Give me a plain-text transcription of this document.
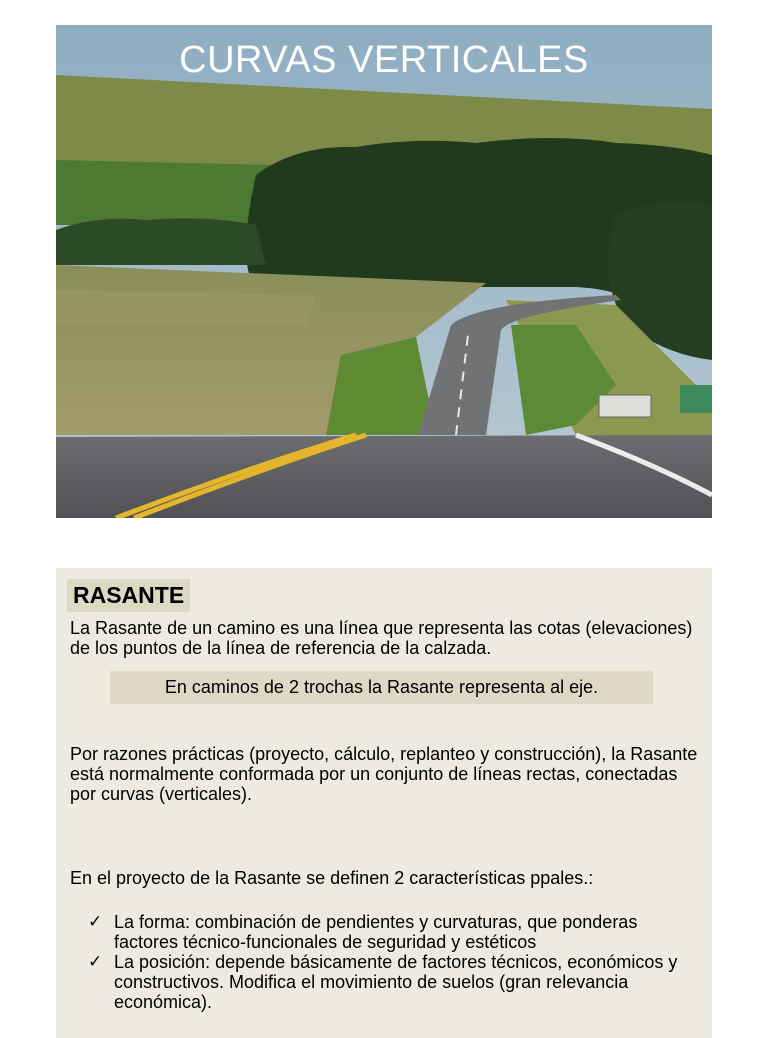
CURVAS VERTICALES
RASANTE

La Rasante de un camino es una línea que representa las cotas (elevaciones) de los puntos de la línea de referencia de la calzada.

En caminos de 2 trochas la Rasante representa al eje.

Por razones prácticas (proyecto, cálculo, replanteo y construcción), la Rasante está normalmente conformada por un conjunto de líneas rectas, conectadas por curvas (verticales).

En el proyecto de la Rasante se definen 2 características ppales.:

✓ La forma: combinación de pendientes y curvaturas, que ponderas factores técnico-funcionales de seguridad y estéticos
✓ La posición: depende básicamente de factores técnicos, económicos y constructivos. Modifica el movimiento de suelos (gran relevancia económica).
